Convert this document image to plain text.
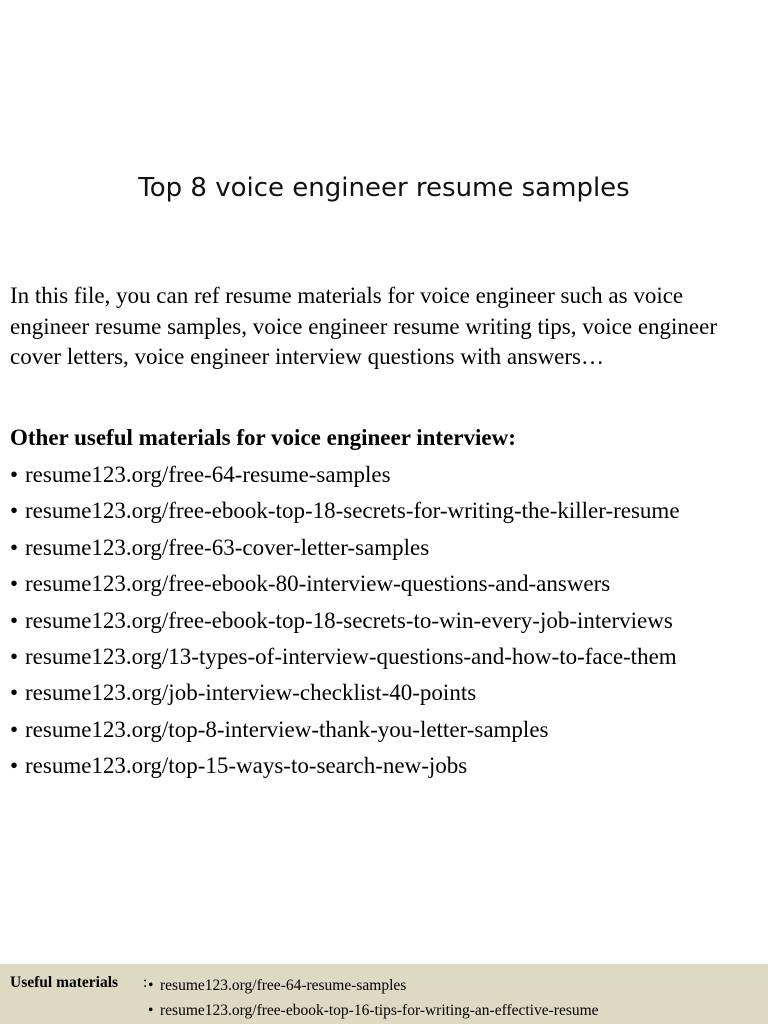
Top 8 voice engineer resume samples

In this file, you can ref resume materials for voice engineer such as voice engineer resume samples, voice engineer resume writing tips, voice engineer cover letters, voice engineer interview questions with answers…

Other useful materials for voice engineer interview:

• resume123.org/free-64-resume-samples
• resume123.org/free-ebook-top-18-secrets-for-writing-the-killer-resume
• resume123.org/free-63-cover-letter-samples
• resume123.org/free-ebook-80-interview-questions-and-answers
• resume123.org/free-ebook-top-18-secrets-to-win-every-job-interviews
• resume123.org/13-types-of-interview-questions-and-how-to-face-them
• resume123.org/job-interview-checklist-40-points
• resume123.org/top-8-interview-thank-you-letter-samples
• resume123.org/top-15-ways-to-search-new-jobs
Useful materials : • resume123.org/free-64-resume-samples
• resume123.org/free-ebook-top-16-tips-for-writing-an-effective-resume
